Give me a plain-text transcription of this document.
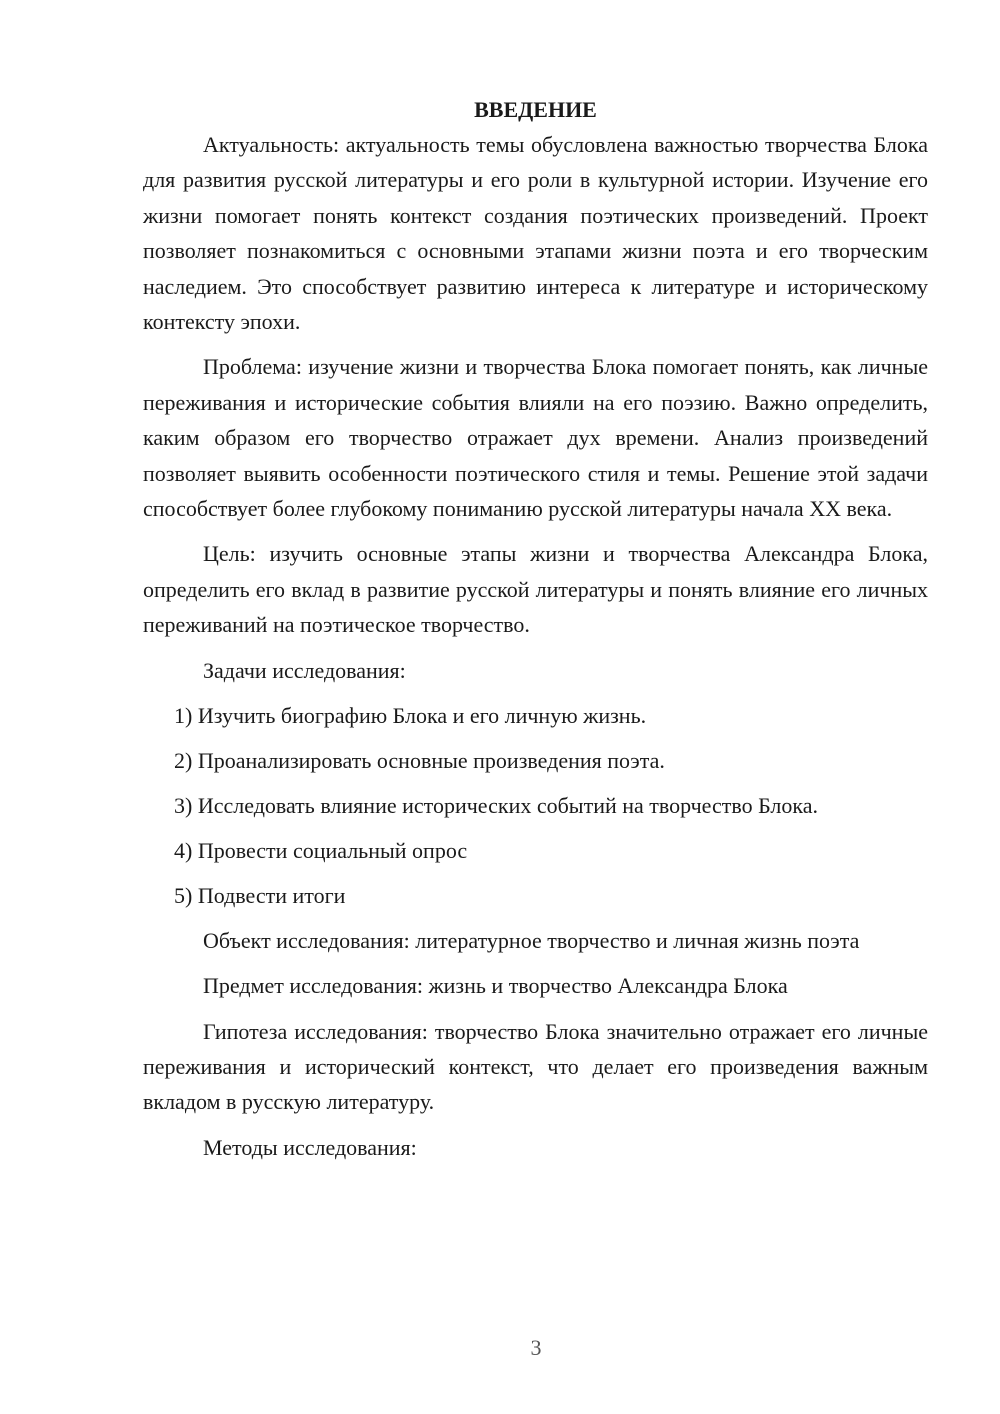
ВВЕДЕНИЕ

Актуальность: актуальность темы обусловлена важностью творчества Блока для развития русской литературы и его роли в культурной истории. Изучение его жизни помогает понять контекст создания поэтических произведений. Проект позволяет познакомиться с основными этапами жизни поэта и его творческим наследием. Это способствует развитию интереса к литературе и историческому контексту эпохи.

Проблема: изучение жизни и творчества Блока помогает понять, как личные переживания и исторические события влияли на его поэзию. Важно определить, каким образом его творчество отражает дух времени. Анализ произведений позволяет выявить особенности поэтического стиля и темы. Решение этой задачи способствует более глубокому пониманию русской литературы начала XX века.

Цель: изучить основные этапы жизни и творчества Александра Блока, определить его вклад в развитие русской литературы и понять влияние его личных переживаний на поэтическое творчество.

Задачи исследования:

1) Изучить биографию Блока и его личную жизнь.

2) Проанализировать основные произведения поэта.

3) Исследовать влияние исторических событий на творчество Блока.

4) Провести социальный опрос

5) Подвести итоги

Объект исследования: литературное творчество и личная жизнь поэта

Предмет исследования: жизнь и творчество Александра Блока

Гипотеза исследования: творчество Блока значительно отражает его личные переживания и исторический контекст, что делает его произведения важным вкладом в русскую литературу.

Методы исследования:

3
